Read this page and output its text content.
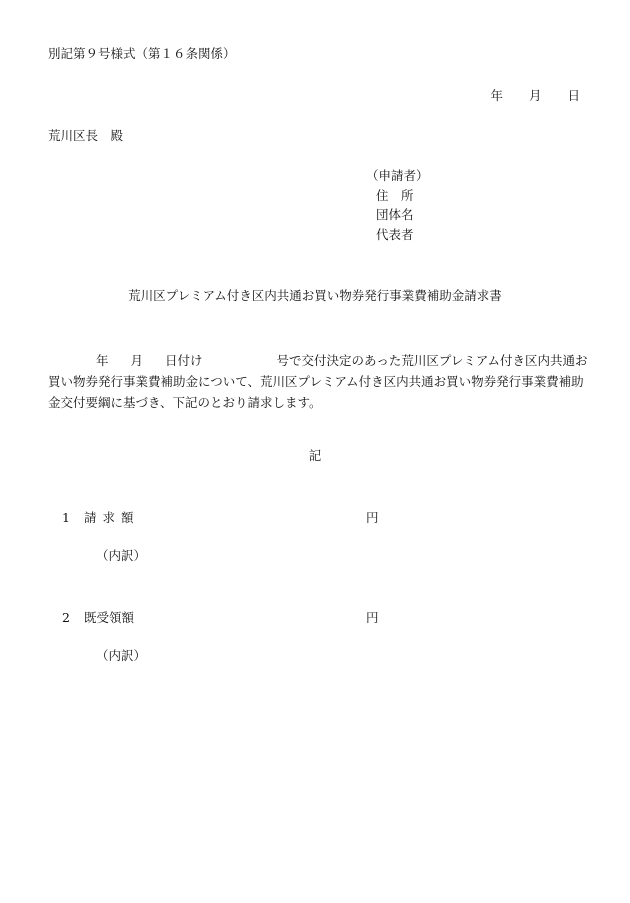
別記第９号様式（第１６条関係）
年 月 日
荒川区長　殿
（申請者）
住　所
団体名
代表者
荒川区プレミアム付き区内共通お買い物券発行事業費補助金請求書
年 月 日付け	号で交付決定のあった荒川区プレミアム付き区内共通お買い物券発行事業費補助金について、荒川区プレミアム付き区内共通お買い物券発行事業費補助金交付要綱に基づき、下記のとおり請求します。
記
1 請求額	円
（内訳）
2 既受領額	円
（内訳）
